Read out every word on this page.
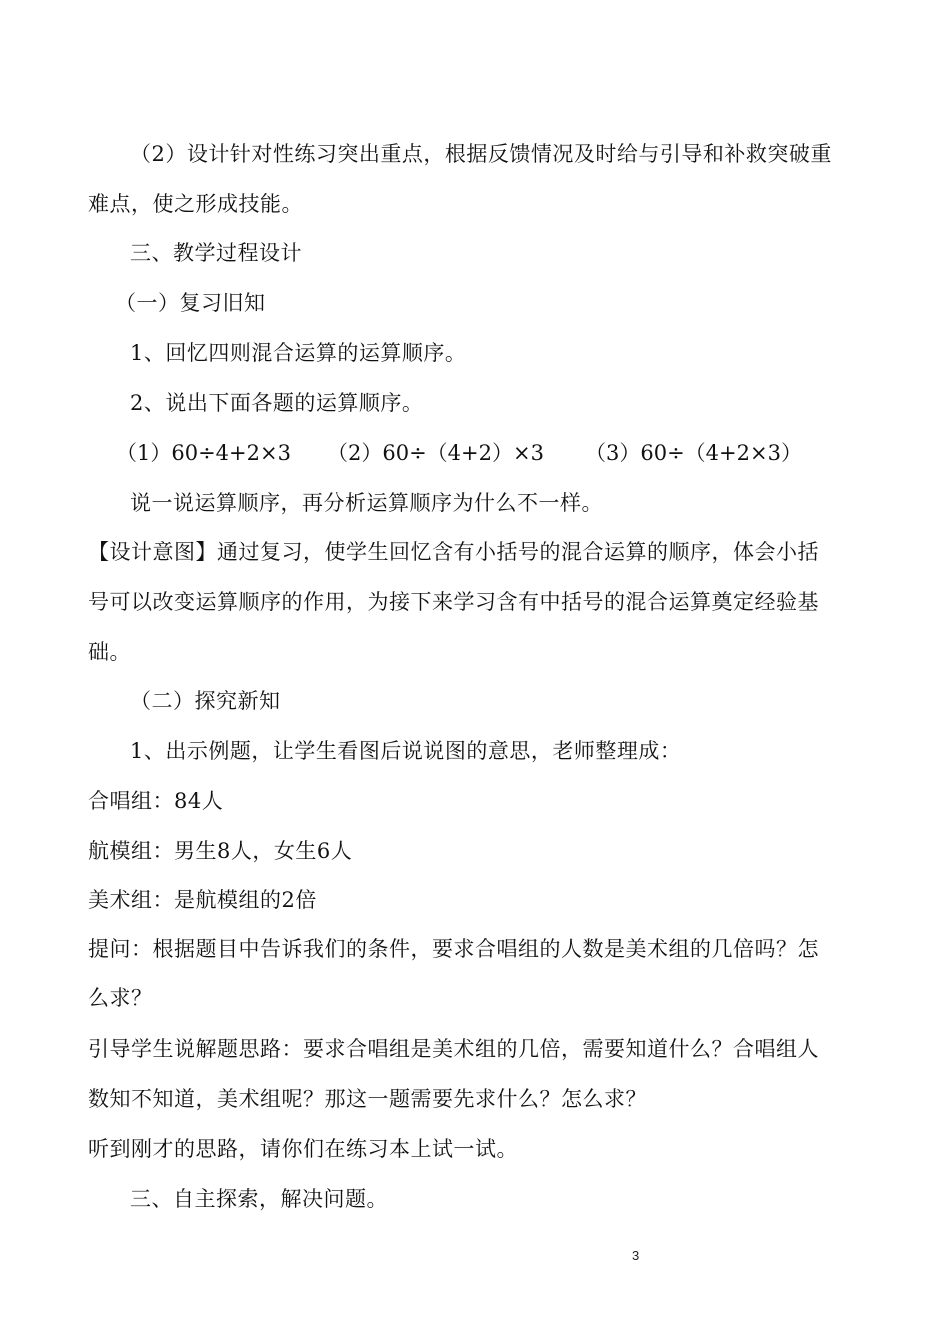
（2）设计针对性练习突出重点，根据反馈情况及时给与引导和补救突破重
难点，使之形成技能。
三、教学过程设计
（一）复习旧知
1、回忆四则混合运算的运算顺序。
2、说出下面各题的运算顺序。
（1）60÷4+2×3 （2）60÷（4+2）×3 （3）60÷（4+2×3）
说一说运算顺序，再分析运算顺序为什么不一样。
【设计意图】通过复习，使学生回忆含有小括号的混合运算的顺序，体会小括
号可以改变运算顺序的作用，为接下来学习含有中括号的混合运算奠定经验基
础。
（二）探究新知
1、出示例题，让学生看图后说说图的意思，老师整理成：
合唱组：84人
航模组：男生8人，女生6人
美术组：是航模组的2倍
提问：根据题目中告诉我们的条件，要求合唱组的人数是美术组的几倍吗？怎
么求？
引导学生说解题思路：要求合唱组是美术组的几倍，需要知道什么？合唱组人
数知不知道，美术组呢？那这一题需要先求什么？怎么求？
听到刚才的思路，请你们在练习本上试一试。
三、自主探索，解决问题。
3
